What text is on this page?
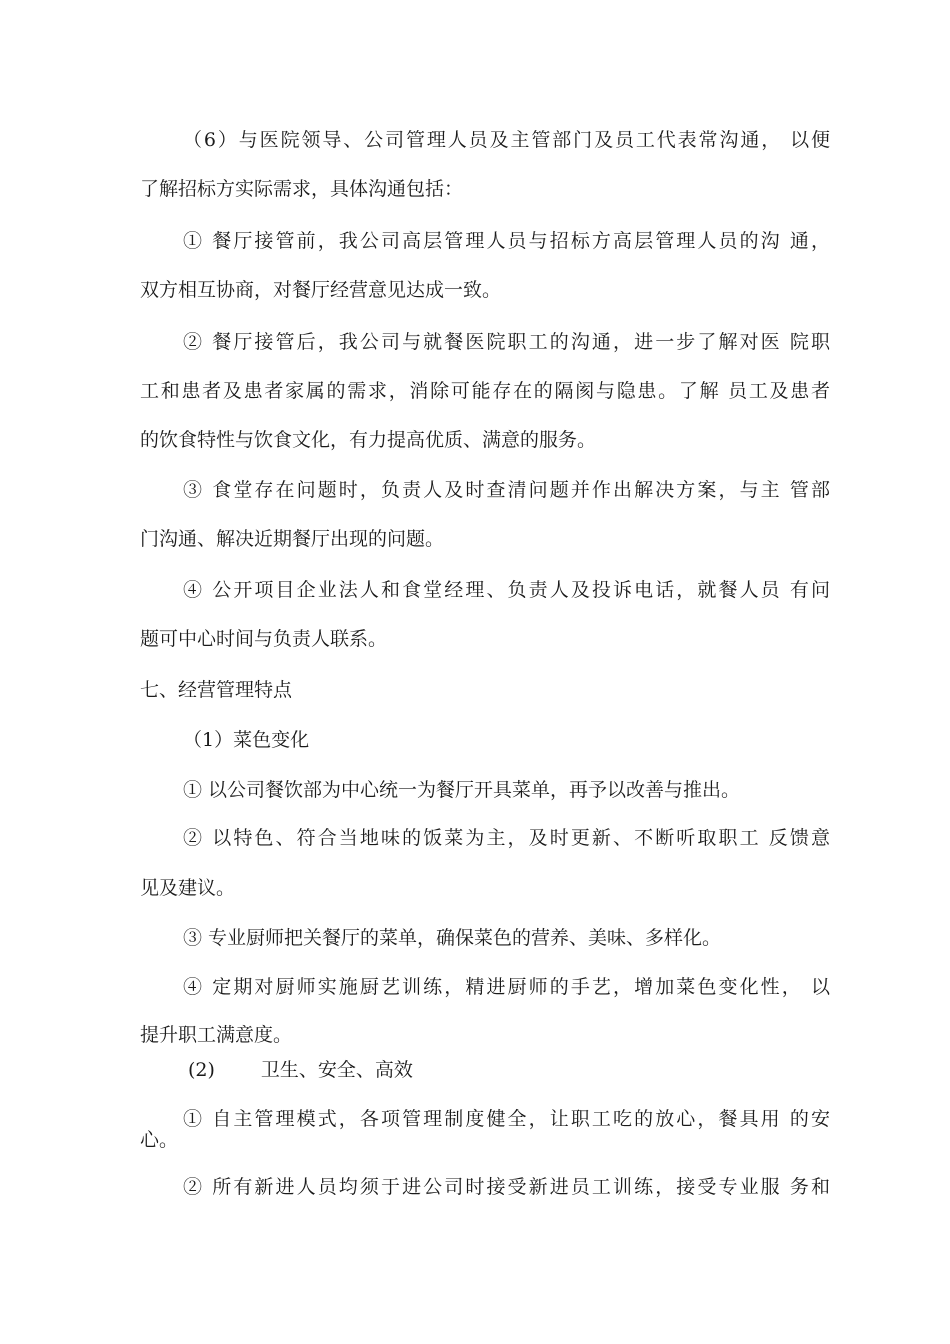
（6）与医院领导、公司管理人员及主管部门及员工代表常沟通， 以便
了解招标方实际需求，具体沟通包括：
① 餐厅接管前，我公司高层管理人员与招标方高层管理人员的沟 通，
双方相互协商，对餐厅经营意见达成一致。
② 餐厅接管后，我公司与就餐医院职工的沟通，进一步了解对医 院职
工和患者及患者家属的需求，消除可能存在的隔阂与隐患。了解 员工及患者
的饮食特性与饮食文化，有力提高优质、满意的服务。
③ 食堂存在问题时，负责人及时查清问题并作出解决方案，与主 管部
门沟通、解决近期餐厅出现的问题。
④ 公开项目企业法人和食堂经理、负责人及投诉电话，就餐人员 有问
题可中心时间与负责人联系。
七、经营管理特点
（1）菜色变化
① 以公司餐饮部为中心统一为餐厅开具菜单，再予以改善与推出。
② 以特色、符合当地味的饭菜为主，及时更新、不断听取职工 反馈意
见及建议。
③ 专业厨师把关餐厅的菜单，确保菜色的营养、美味、多样化。
④ 定期对厨师实施厨艺训练，精进厨师的手艺，增加菜色变化性， 以
提升职工满意度。
(2) 卫生、安全、高效
① 自主管理模式，各项管理制度健全，让职工吃的放心，餐具用 的安
心。
② 所有新进人员均须于进公司时接受新进员工训练，接受专业服 务和
